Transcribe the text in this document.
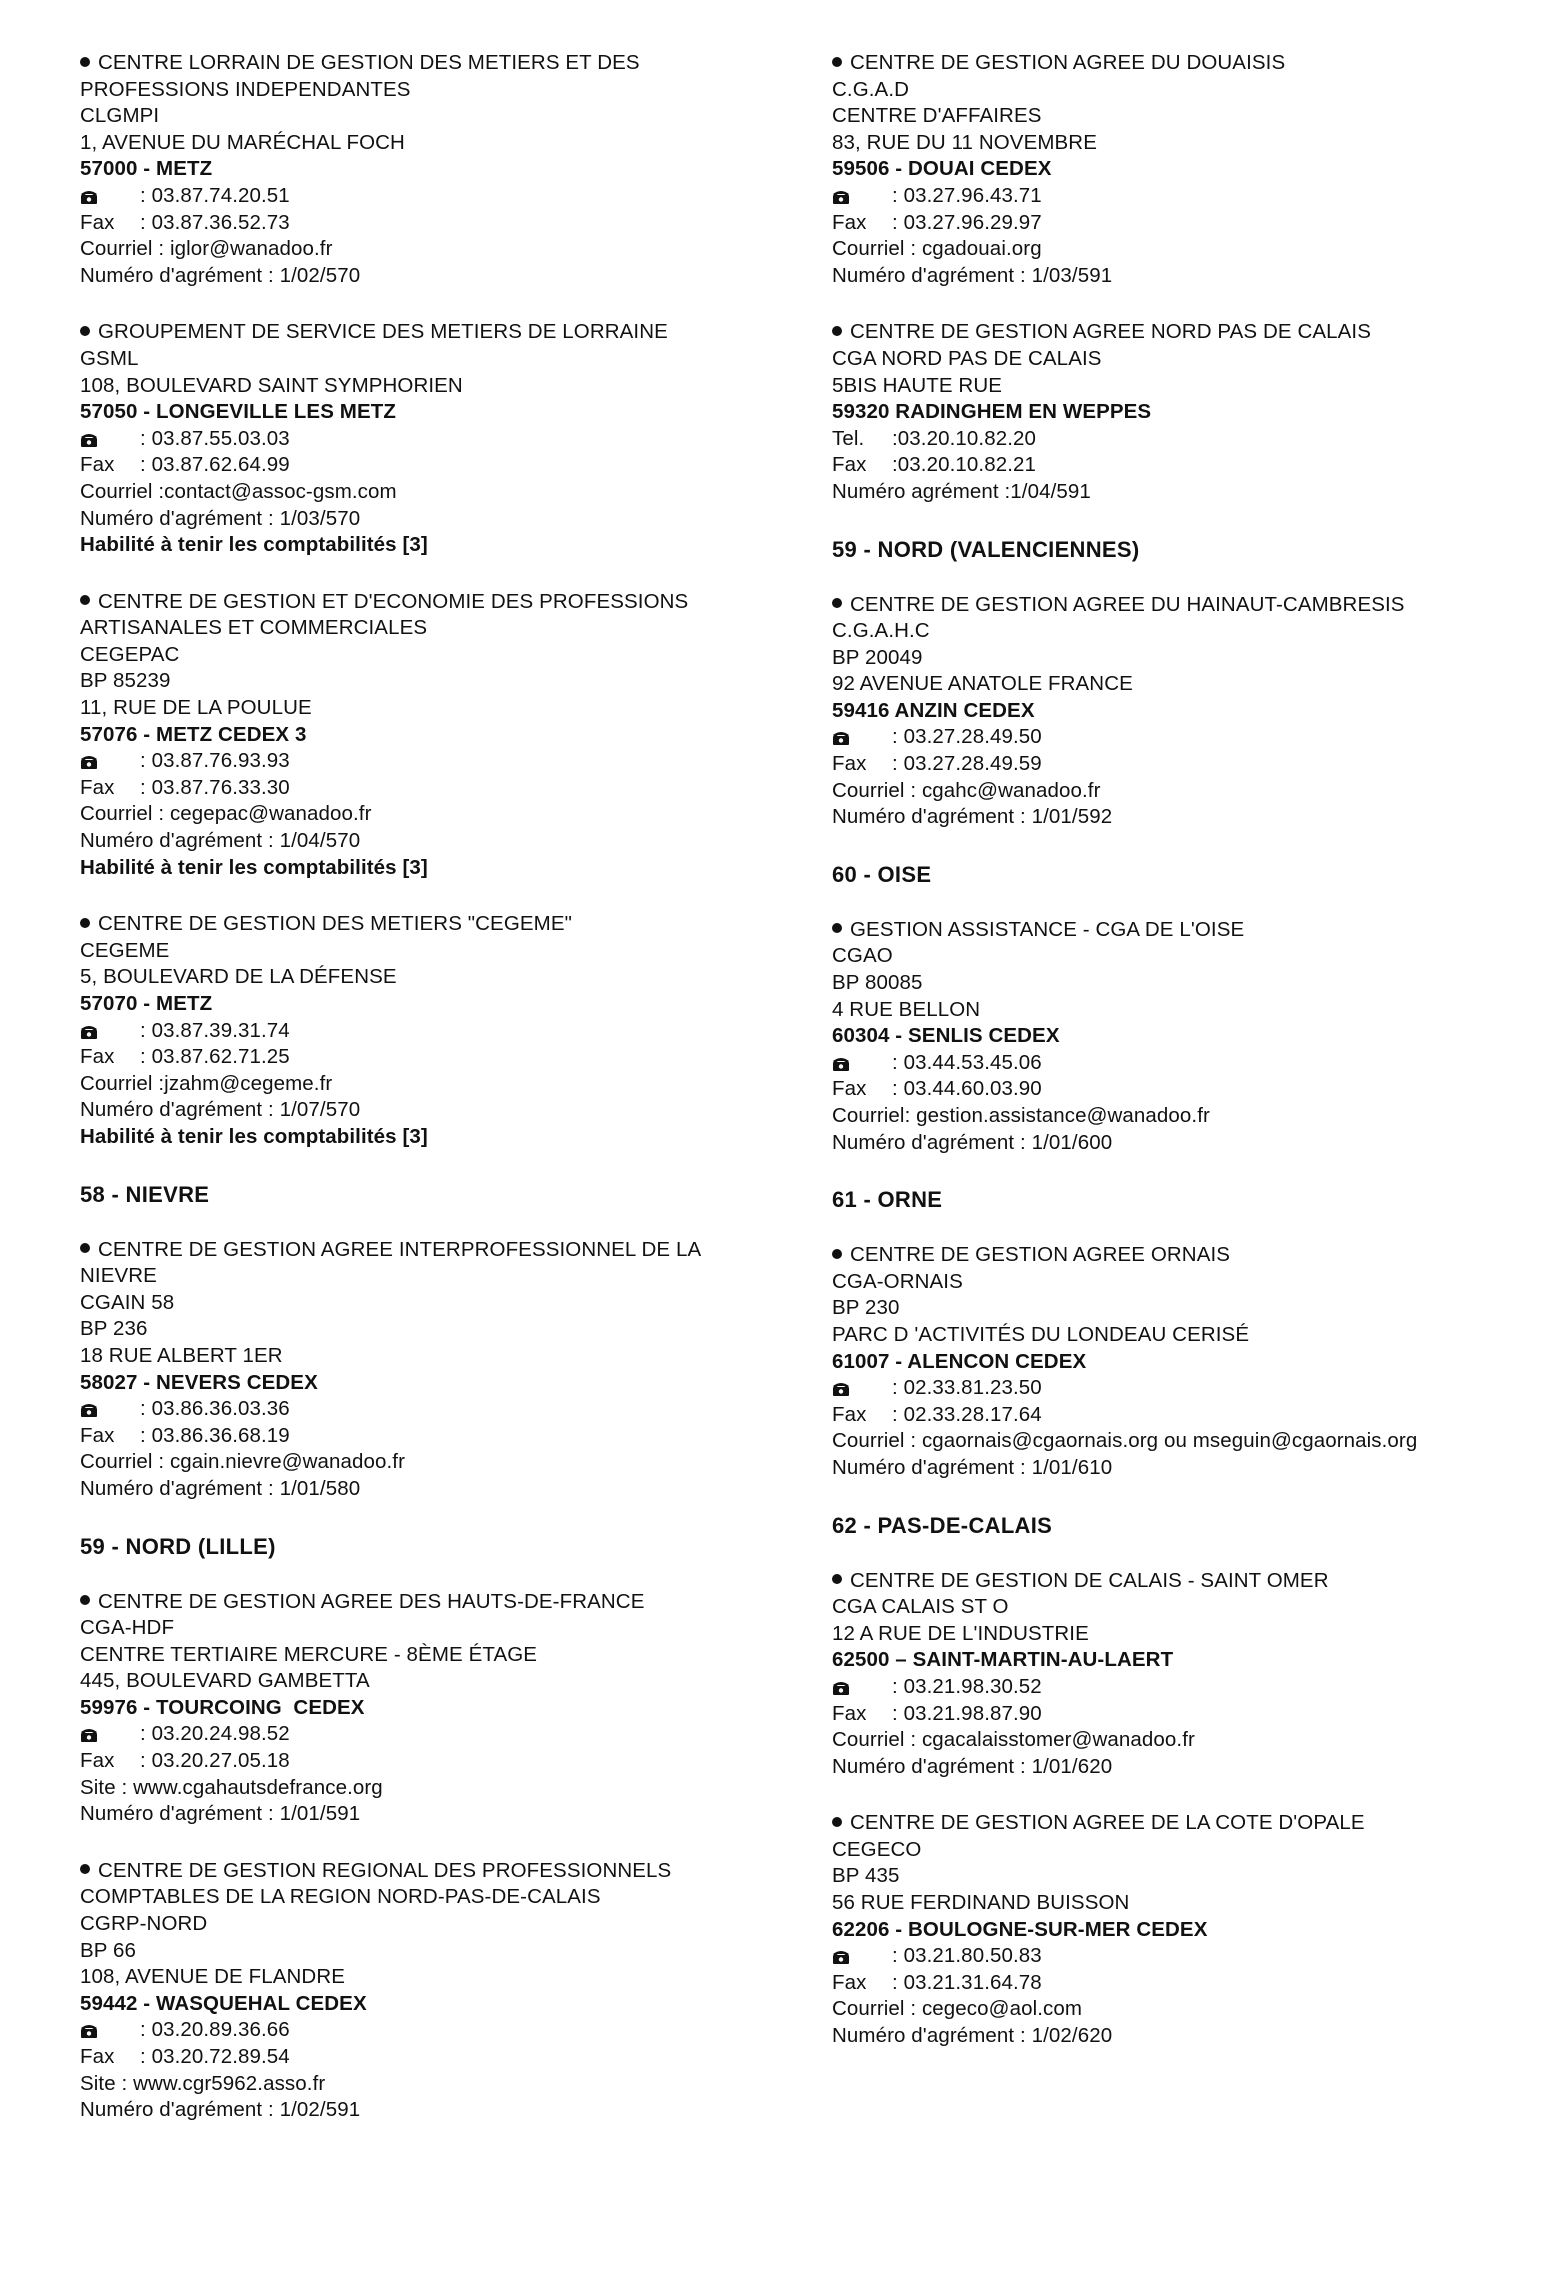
CENTRE LORRAIN DE GESTION DES METIERS ET DES PROFESSIONS INDEPENDANTES
CLGMPI
1, AVENUE DU MARÉCHAL FOCH
57000 - METZ
: 03.87.74.20.51
Fax	: 03.87.36.52.73
Courriel : iglor@wanadoo.fr
Numéro d'agrément : 1/02/570
GROUPEMENT DE SERVICE DES METIERS DE LORRAINE
GSML
108, BOULEVARD SAINT SYMPHORIEN
57050 - LONGEVILLE LES METZ
: 03.87.55.03.03
Fax	: 03.87.62.64.99
Courriel :contact@assoc-gsm.com
Numéro d'agrément : 1/03/570
Habilité à tenir les comptabilités [3]
CENTRE DE GESTION ET D'ECONOMIE DES PROFESSIONS ARTISANALES ET COMMERCIALES
CEGEPAC
BP 85239
11, RUE DE LA POULUE
57076 - METZ CEDEX 3
: 03.87.76.93.93
Fax	: 03.87.76.33.30
Courriel : cegepac@wanadoo.fr
Numéro d'agrément : 1/04/570
Habilité à tenir les comptabilités [3]
CENTRE DE GESTION DES METIERS "CEGEME"
CEGEME
5, BOULEVARD DE LA DÉFENSE
57070 - METZ
: 03.87.39.31.74
Fax	: 03.87.62.71.25
Courriel :jzahm@cegeme.fr
Numéro d'agrément : 1/07/570
Habilité à tenir les comptabilités [3]
58 - NIEVRE
CENTRE DE GESTION AGREE INTERPROFESSIONNEL DE LA NIEVRE
CGAIN 58
BP 236
18 RUE ALBERT 1ER
58027 - NEVERS CEDEX
: 03.86.36.03.36
Fax	: 03.86.36.68.19
Courriel : cgain.nievre@wanadoo.fr
Numéro d'agrément : 1/01/580
59 - NORD (LILLE)
CENTRE DE GESTION AGREE DES HAUTS-DE-FRANCE
CGA-HDF
CENTRE TERTIAIRE MERCURE - 8ÈME ÉTAGE
445, BOULEVARD GAMBETTA
59976 - TOURCOING  CEDEX
: 03.20.24.98.52
Fax	: 03.20.27.05.18
Site : www.cgahautsdefrance.org
Numéro d'agrément : 1/01/591
CENTRE DE GESTION REGIONAL DES PROFESSIONNELS COMPTABLES DE LA REGION NORD-PAS-DE-CALAIS
CGRP-NORD
BP 66
108, AVENUE DE FLANDRE
59442 - WASQUEHAL CEDEX
: 03.20.89.36.66
Fax	: 03.20.72.89.54
Site : www.cgr5962.asso.fr
Numéro d'agrément : 1/02/591
CENTRE DE GESTION AGREE DU DOUAISIS
C.G.A.D
CENTRE D'AFFAIRES
83, RUE DU 11 NOVEMBRE
59506 - DOUAI CEDEX
: 03.27.96.43.71
Fax	: 03.27.96.29.97
Courriel : cgadouai.org
Numéro d'agrément : 1/03/591
CENTRE DE GESTION AGREE NORD PAS DE CALAIS
CGA NORD PAS DE CALAIS
5BIS HAUTE RUE
59320 RADINGHEM EN WEPPES
Tel.	:03.20.10.82.20
Fax	:03.20.10.82.21
Numéro agrément :1/04/591
59 - NORD (VALENCIENNES)
CENTRE DE GESTION AGREE DU HAINAUT-CAMBRESIS
C.G.A.H.C
BP 20049
92 AVENUE ANATOLE FRANCE
59416 ANZIN CEDEX
: 03.27.28.49.50
Fax	: 03.27.28.49.59
Courriel : cgahc@wanadoo.fr
Numéro d'agrément : 1/01/592
60 - OISE
GESTION ASSISTANCE - CGA DE L'OISE
CGAO
BP 80085
4 RUE BELLON
60304 - SENLIS CEDEX
: 03.44.53.45.06
Fax	: 03.44.60.03.90
Courriel: gestion.assistance@wanadoo.fr
Numéro d'agrément : 1/01/600
61 - ORNE
CENTRE DE GESTION AGREE ORNAIS
CGA-ORNAIS
BP 230
PARC D 'ACTIVITÉS DU LONDEAU CERISÉ
61007 - ALENCON CEDEX
: 02.33.81.23.50
Fax	: 02.33.28.17.64
Courriel : cgaornais@cgaornais.org ou mseguin@cgaornais.org
Numéro d'agrément : 1/01/610
62 - PAS-DE-CALAIS
CENTRE DE GESTION DE CALAIS - SAINT OMER
CGA CALAIS ST O
12 A RUE DE L'INDUSTRIE
62500 – SAINT-MARTIN-AU-LAERT
: 03.21.98.30.52
Fax	: 03.21.98.87.90
Courriel : cgacalaisstomer@wanadoo.fr
Numéro d'agrément : 1/01/620
CENTRE DE GESTION AGREE DE LA COTE D'OPALE
CEGECO
BP 435
56 RUE FERDINAND BUISSON
62206 - BOULOGNE-SUR-MER CEDEX
: 03.21.80.50.83
Fax	: 03.21.31.64.78
Courriel : cegeco@aol.com
Numéro d'agrément : 1/02/620
